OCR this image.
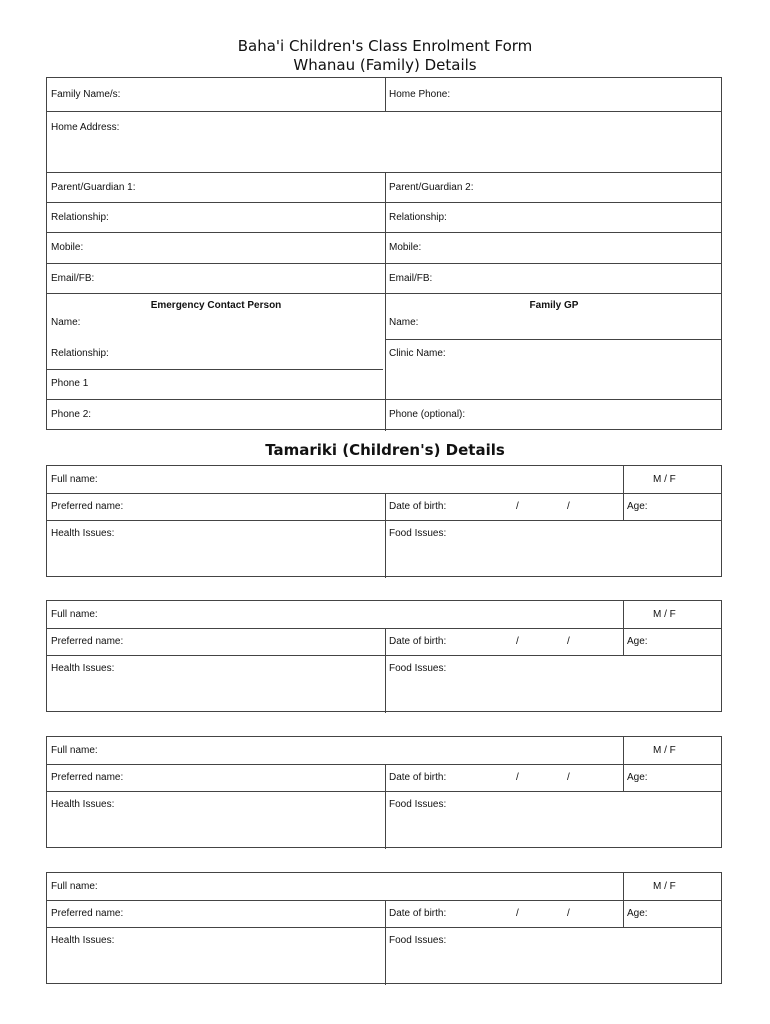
Baha'i Children's Class Enrolment Form
Whanau (Family) Details
Family Name/s:	Home Phone:
Home Address:
Parent/Guardian 1:	Parent/Guardian 2:
Relationship:	Relationship:
Mobile:	Mobile:
Email/FB:	Email/FB:
Emergency Contact Person	Family GP
Name:	Name:
Relationship:	Clinic Name:
Phone 1
Phone 2:	Phone (optional):
Tamariki (Children's) Details
Full name:	M / F
Preferred name:	Date of birth:	/	/	Age:
Health Issues:	Food Issues:
Full name:	M / F
Preferred name:	Date of birth:	/	/	Age:
Health Issues:	Food Issues:
Full name:	M / F
Preferred name:	Date of birth:	/	/	Age:
Health Issues:	Food Issues:
Full name:	M / F
Preferred name:	Date of birth:	/	/	Age:
Health Issues:	Food Issues:
